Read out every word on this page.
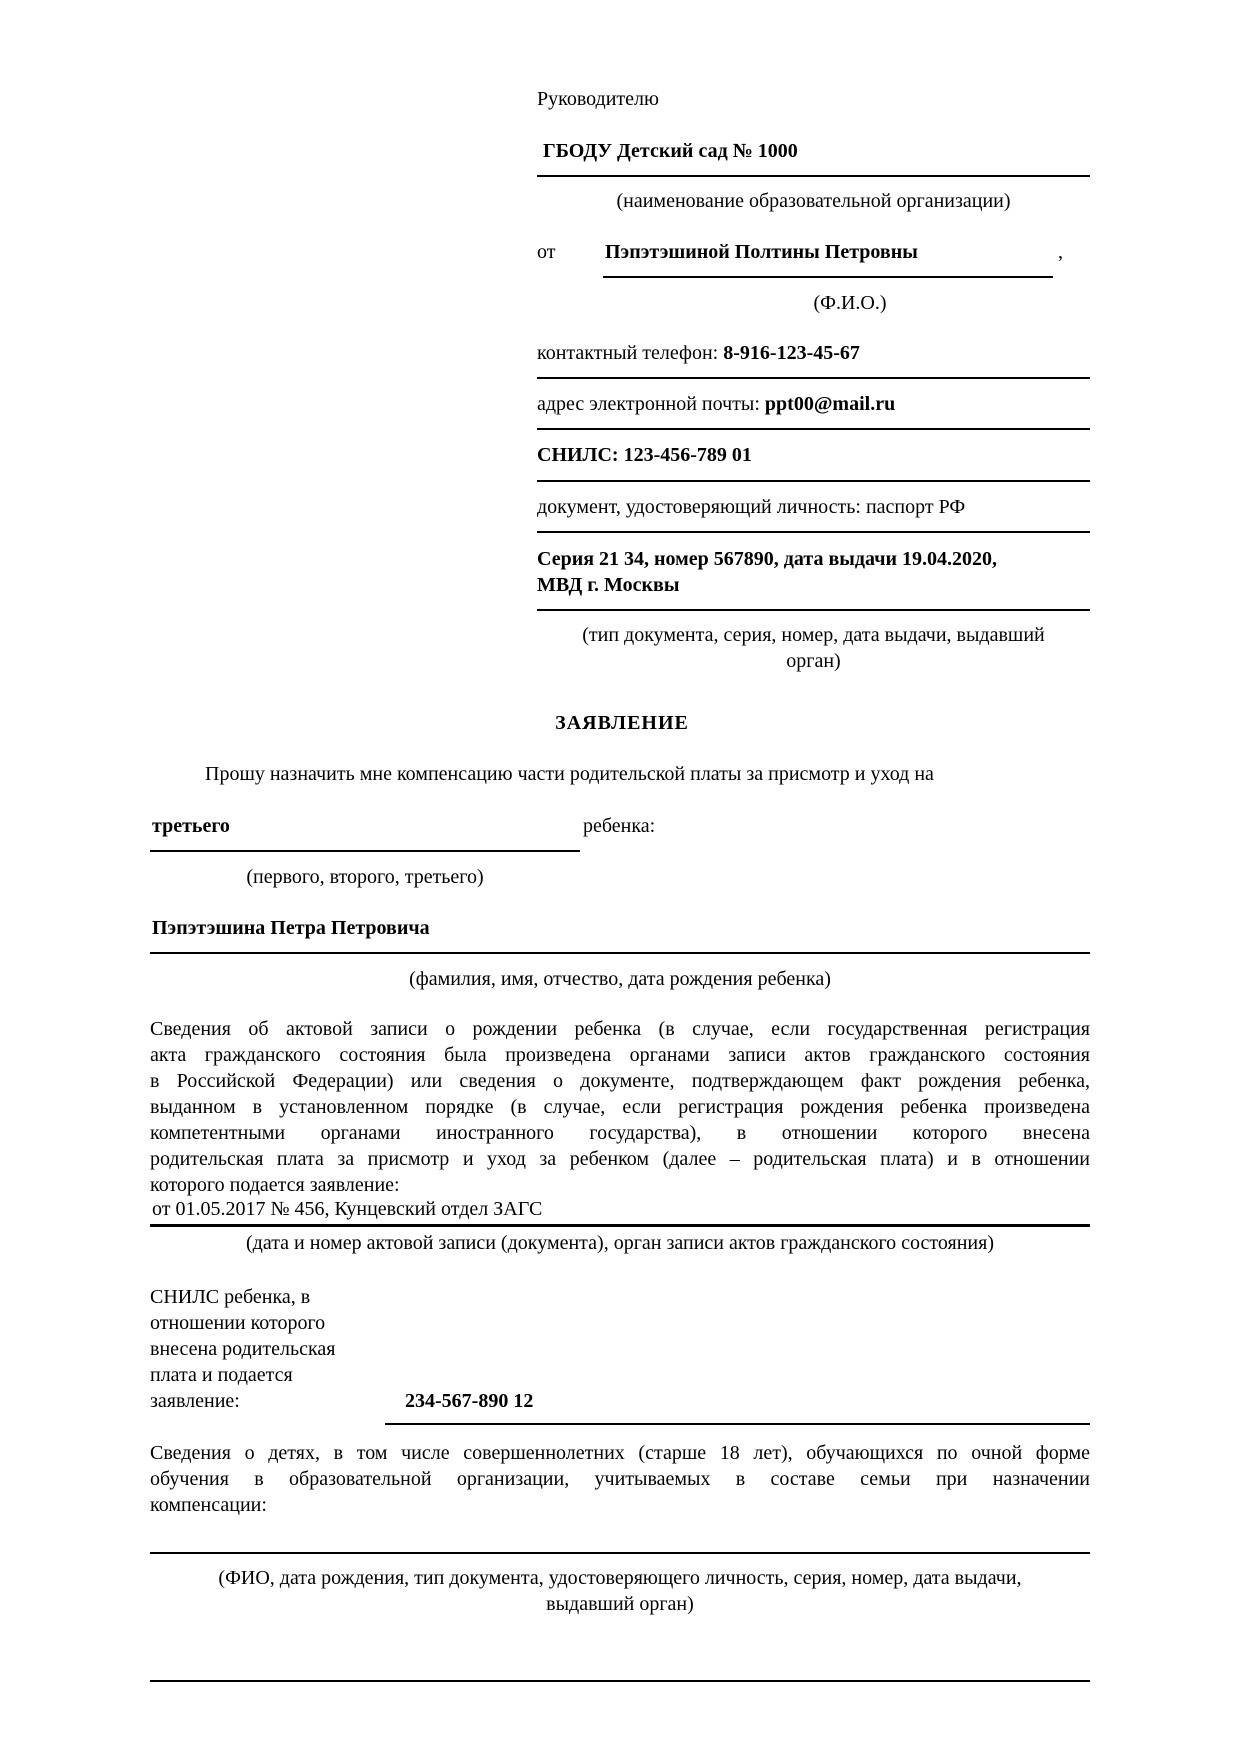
Руководителю
ГБОДУ Детский сад № 1000
(наименование образовательной организации)
от Пэпэтэшиной Полтины Петровны	,
(Ф.И.О.)
контактный телефон: 8-916-123-45-67
адрес электронной почты: ppt00@mail.ru
СНИЛС: 123-456-789 01
документ, удостоверяющий личность: паспорт РФ
Серия 21 34, номер 567890, дата выдачи 19.04.2020,
МВД г. Москвы
(тип документа, серия, номер, дата выдачи, выдавший
орган)
ЗАЯВЛЕНИЕ
Прошу назначить мне компенсацию части родительской платы за присмотр и уход на
третьего	ребенка:
(первого, второго, третьего)
Пэпэтэшина Петра Петровича
(фамилия, имя, отчество, дата рождения ребенка)
Сведения об актовой записи о рождении ребенка (в случае, если государственная регистрация
акта гражданского состояния была произведена органами записи актов гражданского состояния
в Российской Федерации) или сведения о документе, подтверждающем факт рождения ребенка,
выданном в установленном порядке (в случае, если регистрация рождения ребенка произведена
компетентными органами иностранного государства), в отношении которого внесена
родительская плата за присмотр и уход за ребенком (далее – родительская плата) и в отношении
которого подается заявление:
от 01.05.2017 № 456, Кунцевский отдел ЗАГС
(дата и номер актовой записи (документа), орган записи актов гражданского состояния)
СНИЛС ребенка, в
отношении которого
внесена родительская
плата и подается
заявление:	234-567-890 12
Сведения о детях, в том числе совершеннолетних (старше 18 лет), обучающихся по очной форме
обучения в образовательной организации, учитываемых в составе семьи при назначении
компенсации:
(ФИО, дата рождения, тип документа, удостоверяющего личность, серия, номер, дата выдачи,
выдавший орган)
